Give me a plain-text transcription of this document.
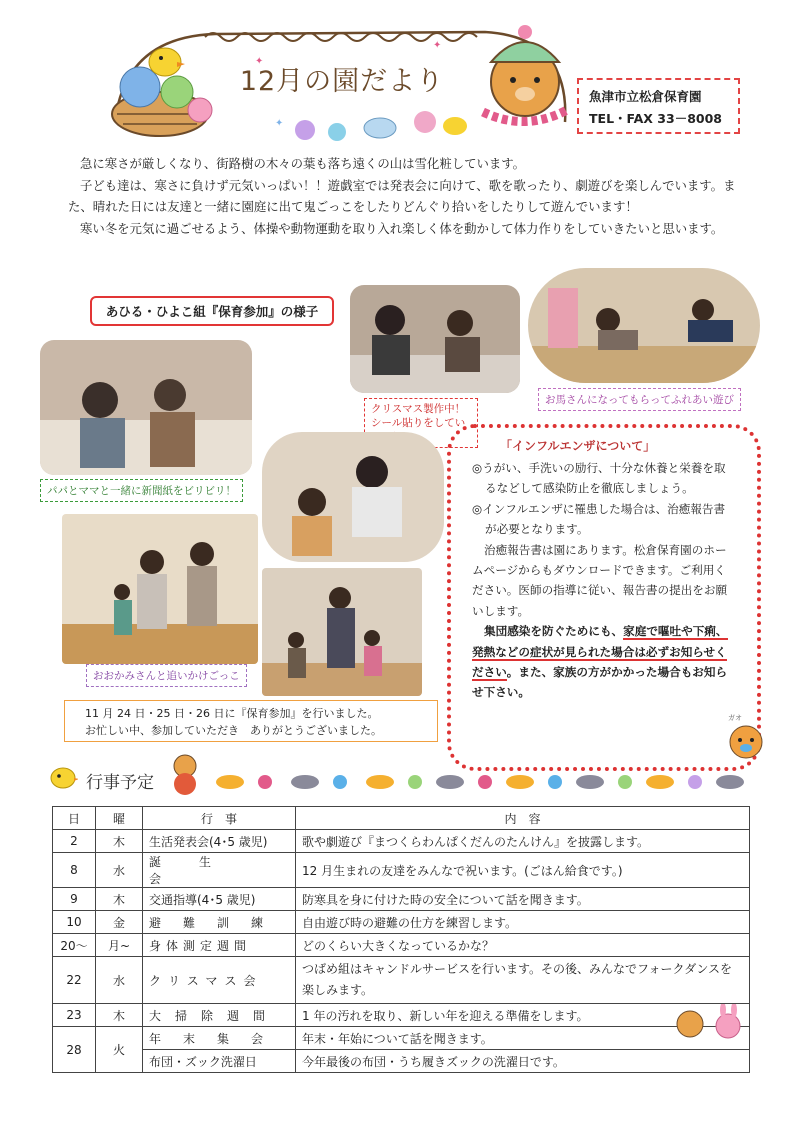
✦
✦
✦
12月の園だより	魚津市立松倉保育園
TEL・FAX 33－8008

急に寒さが厳しくなり、街路樹の木々の葉も落ち遠くの山は雪化粧しています。

子ども達は、寒さに負けず元気いっぱい！！遊戯室では発表会に向けて、歌を歌ったり、劇遊びを楽しんでいます。また、晴れた日には友達と一緒に園庭に出て鬼ごっこをしたりどんぐり拾いをしたりして遊んでいます！

寒い冬を元気に過ごせるよう、体操や動物運動を取り入れ楽しく体を動かして体力作りをしていきたいと思います。

あひる・ひよこ組『保育参加』の様子
パパとママと一緒に新聞紙をビリビリ！
クリスマス製作中！
シール貼りをしてい
お馬さんになってもらってふれあい遊び
おおかみさんと追いかけごっこ
11 月 24 日・25 日・26 日に『保育参加』を行いました。
お忙しい中、参加していただき　ありがとうございました。
「インフルエンザについて」

◎うがい、手洗いの励行、十分な休養と栄養を取るなどして感染防止を徹底しましょう。

◎インフルエンザに罹患した場合は、治癒報告書が必要となります。

治癒報告書は園にあります。松倉保育園のホームページからもダウンロードできます。ご利用ください。医師の指導に従い、報告書の提出をお願いします。

集団感染を防ぐためにも、家庭で嘔吐や下痢、発熱などの症状が見られた場合は必ずお知らせください。また、家族の方がかかった場合もお知らせ下さい。

ガオ
行事予定
日	曜	行　事	内　容
2	木	生活発表会(4･5 歳児)	歌や劇遊び『まつくらわんぱくだんのたんけん』を披露します。
8	水	誕生会	12 月生まれの友達をみんなで祝います。(ごはん給食です。)
9	木	交通指導(4･5 歳児)	防寒具を身に付けた時の安全について話を聞きます。
10	金	避難訓練	自由遊び時の避難の仕方を練習します。
20～	月~	身体測定週間	どのくらい大きくなっているかな？
22	水	クリスマス会	つばめ組はキャンドルサービスを行います。その後、みんなでフォークダンスを楽しみます。
23	木	大掃除週間	1 年の汚れを取り、新しい年を迎える準備をします。
28	火	年末集会	年末・年始について話を聞きます。
		布団・ズック洗濯日	今年最後の布団・うち履きズックの洗濯日です。
